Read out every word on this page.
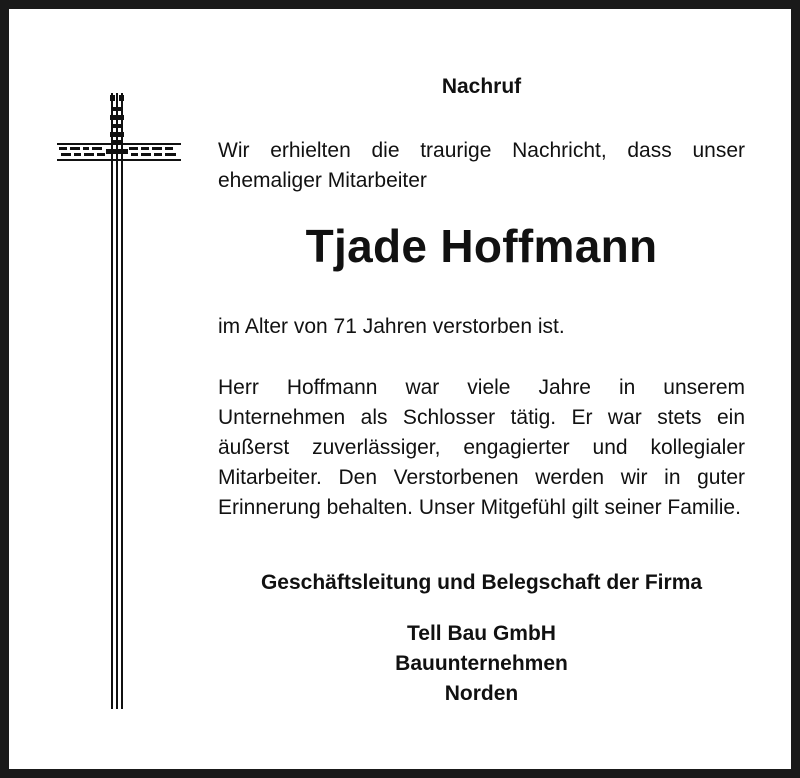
Nachruf

Wir erhielten die traurige Nachricht, dass unser ehemaliger Mitarbeiter

Tjade Hoffmann

im Alter von 71 Jahren verstorben ist.

Herr Hoffmann war viele Jahre in unserem Unternehmen als Schlosser tätig. Er war stets ein äußerst zuverlässiger, engagierter und kollegialer Mitarbeiter. Den Verstorbenen werden wir in guter Erinnerung behalten. Unser Mitgefühl gilt seiner Familie.

Geschäftsleitung und Belegschaft der Firma
Tell Bau GmbH
Bauunternehmen
Norden
